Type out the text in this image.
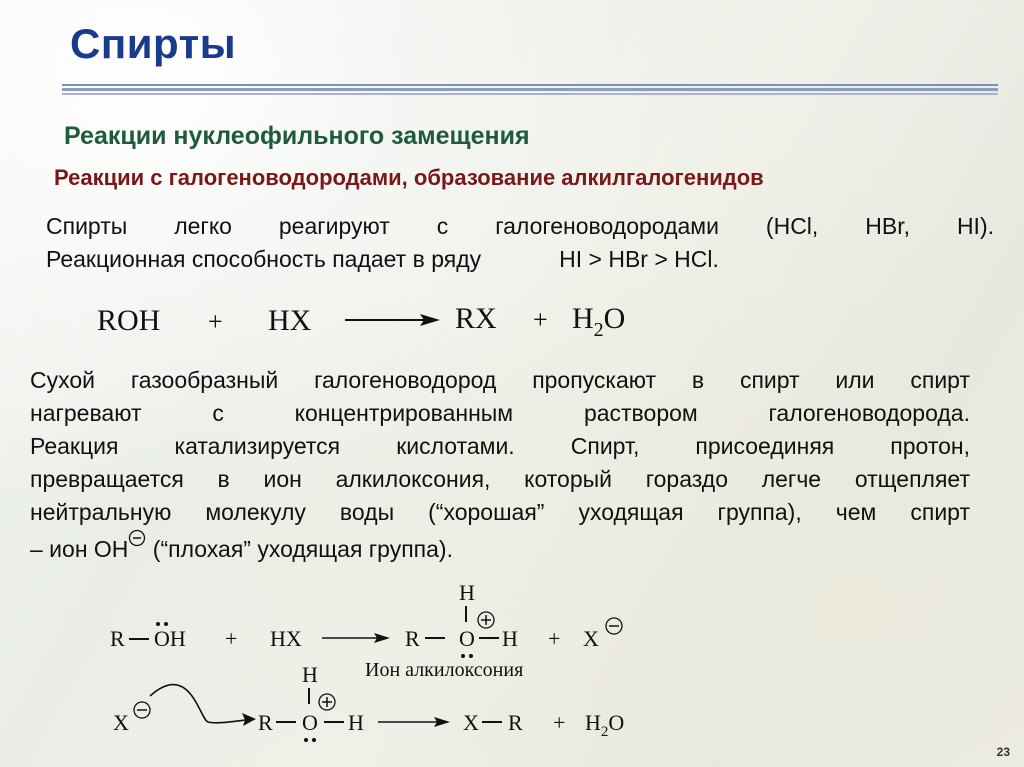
Спирты
Реакции нуклеофильного замещения
Реакции с галогеноводородами, образование алкилгалогенидов
Спирты легко реагируют с галогеноводородами (HCl, HBr, HI).
Реакционная способность падает в ряду	HI > HBr > HCl.
ROH + HX	RX + $H_2O$
Сухой газообразный галогеноводород пропускают в спирт или спирт
нагревают с концентрированным раствором галогеноводорода.
Реакция катализируется кислотами. Спирт, присоединяя протон,
превращается в ион алкилоксония, который гораздо легче отщепляет
нейтральную молекулу воды (“хорошая” уходящая группа), чем спирт
– ион OH (“плохая” уходящая группа).
R OH + HX	R
H
O H + X
Ион алкилоксония
X	R
H
O H	X $R + H_2O$
23
